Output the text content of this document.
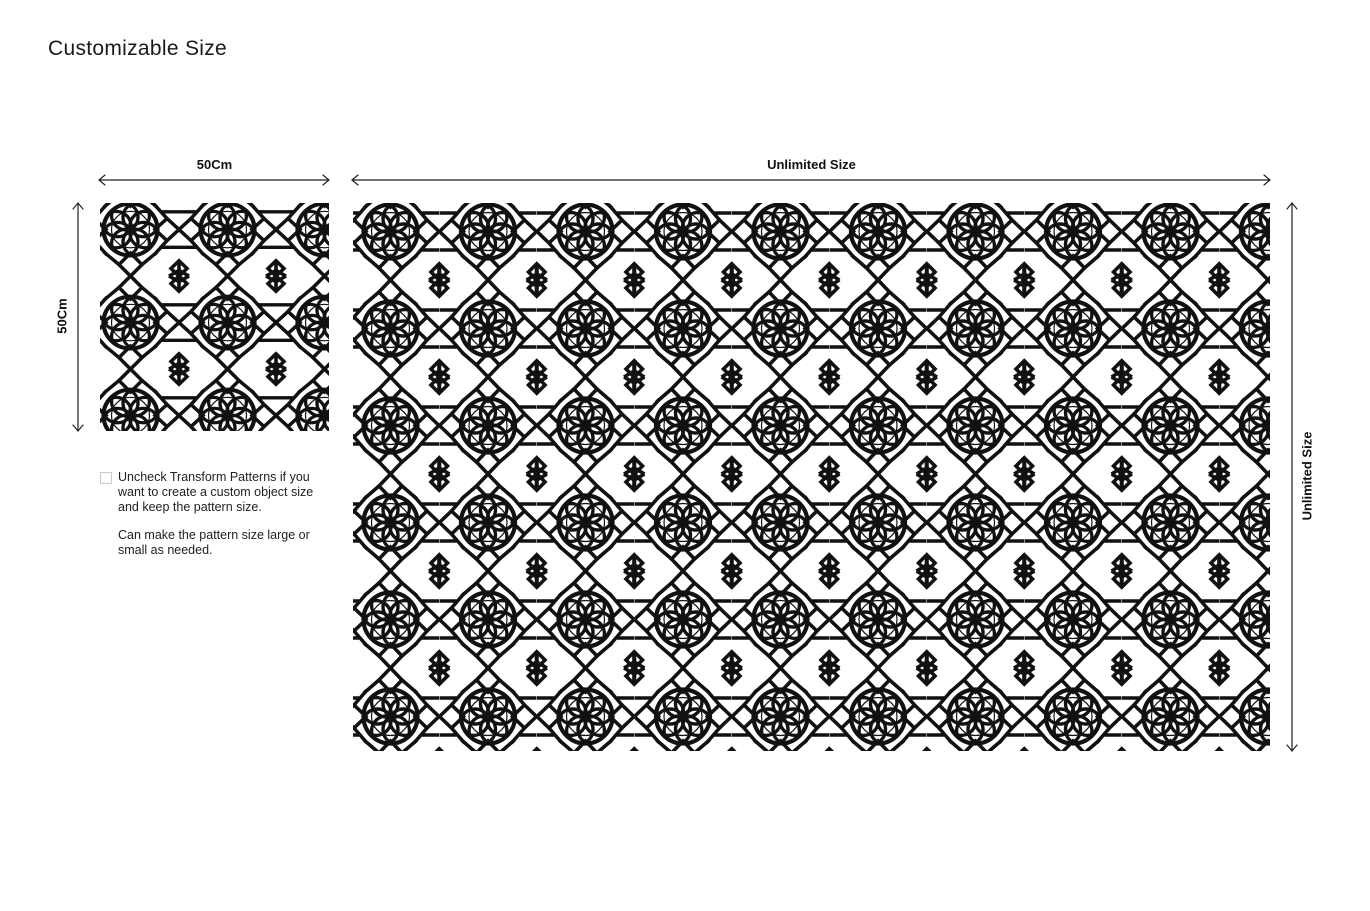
Customizable Size
50Cm
50Cm
Unlimited Size
Unlimited Size
Uncheck Transform Patterns if you want to create a custom object size and keep the pattern size.
Can make the pattern size large or small as needed.
